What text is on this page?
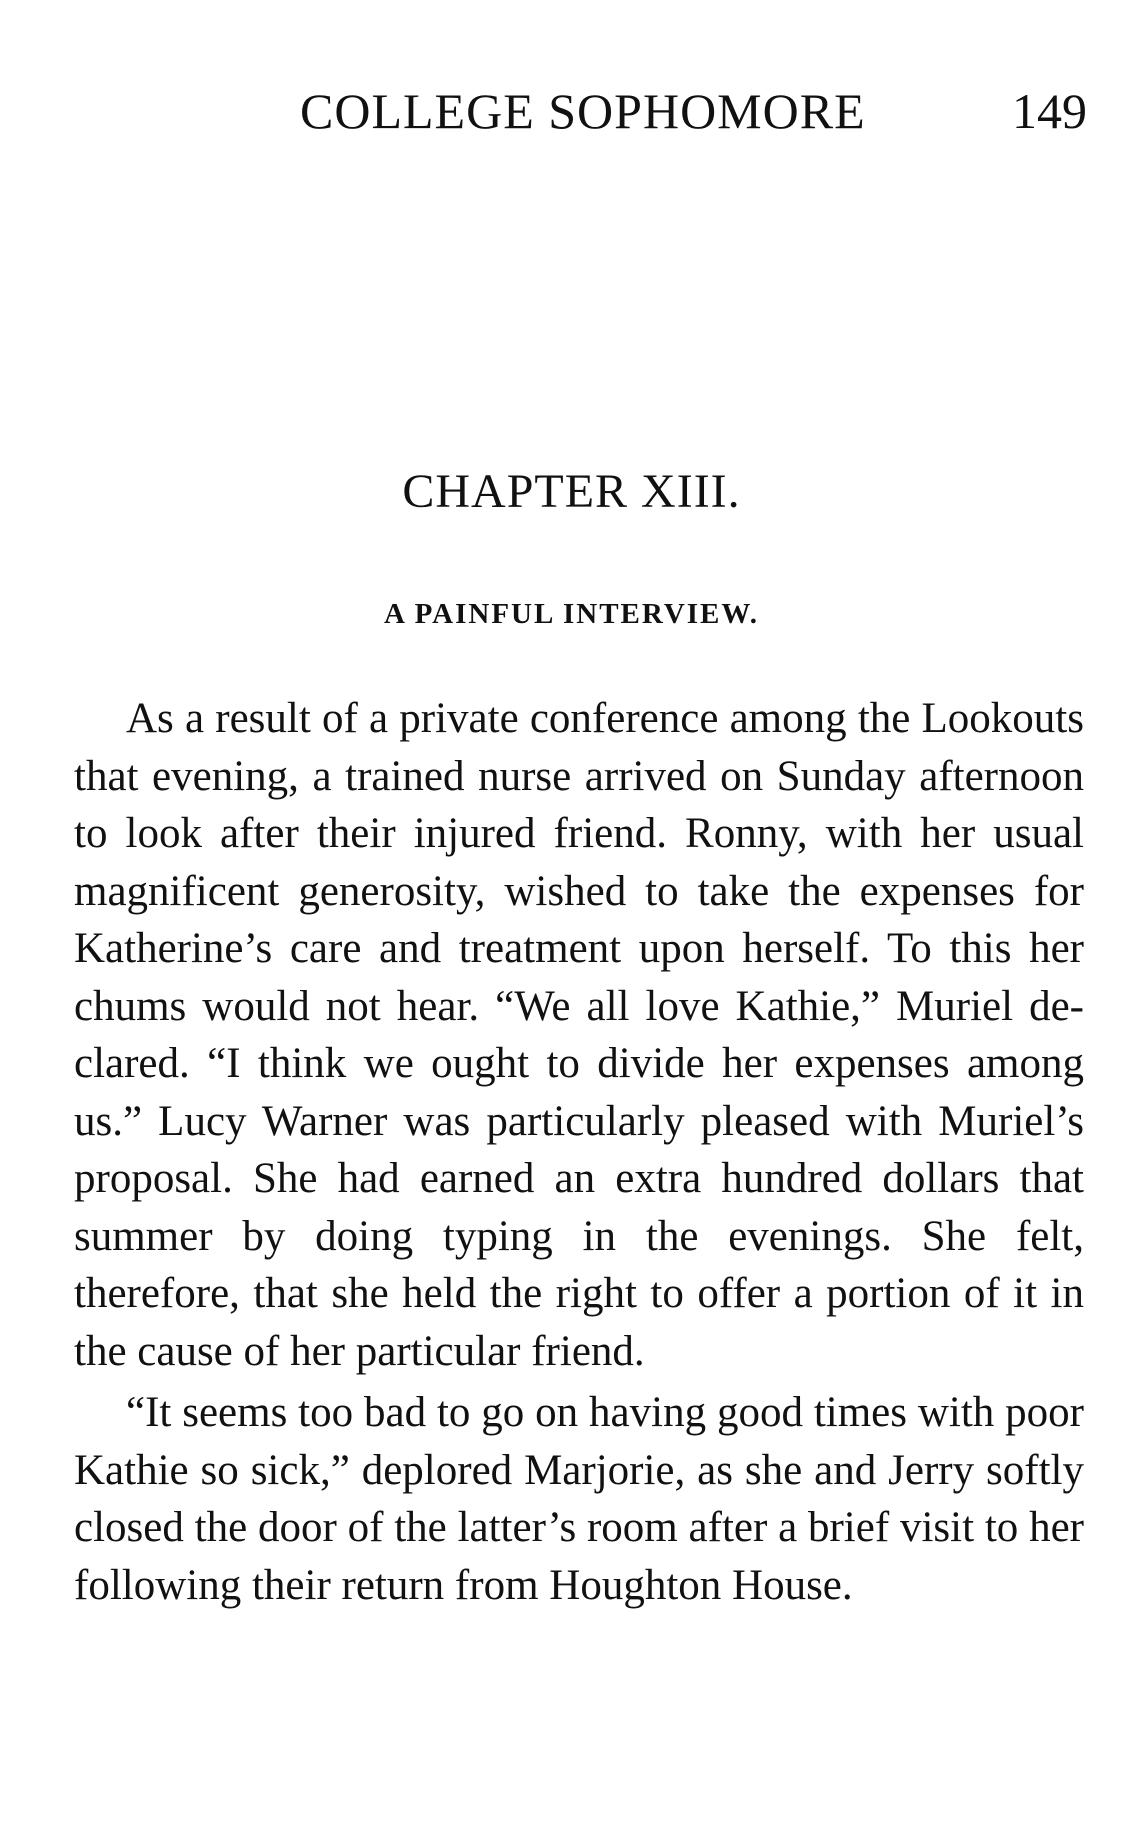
COLLEGE SOPHOMORE	149
CHAPTER XIII.
A PAINFUL INTERVIEW.

As a result of a private conference among the Lookouts that evening, a trained nurse arrived on Sunday afternoon to look after their injured friend. Ronny, with her usual magnificent generosity, wished to take the expenses for Katherine’s care and treatment upon herself. To this her chums would not hear. “We all love Kathie,” Muriel declared. “I think we ought to divide her expenses among us.” Lucy Warner was particularly pleased with Muriel’s proposal. She had earned an extra hundred dollars that summer by doing typing in the evenings. She felt, therefore, that she held the right to offer a portion of it in the cause of her particular friend.

“It seems too bad to go on having good times with poor Kathie so sick,” deplored Marjorie, as she and Jerry softly closed the door of the latter’s room after a brief visit to her following their return from Houghton House.
